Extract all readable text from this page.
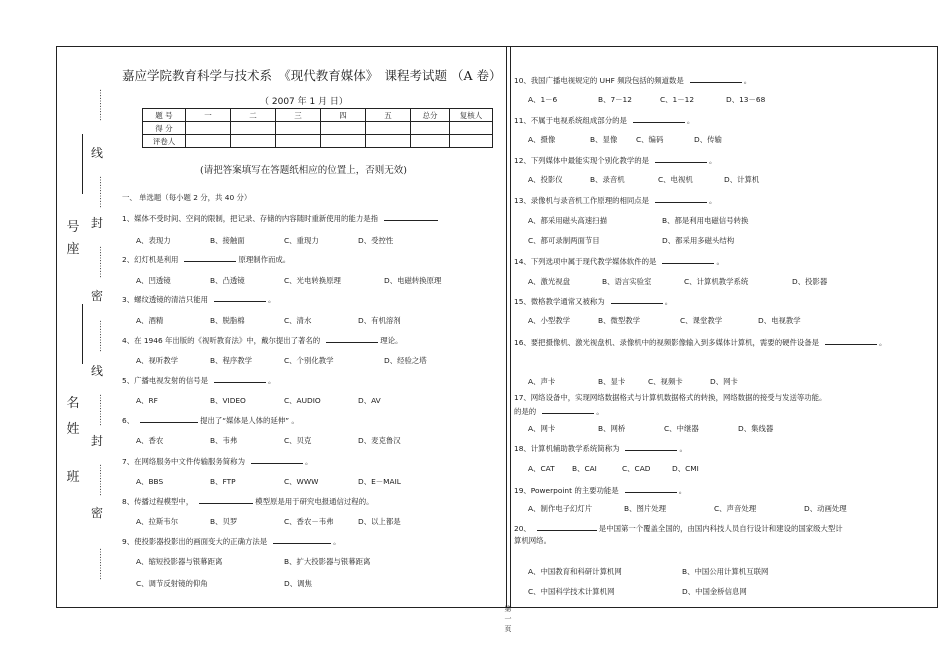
…………
…………
…………
…………
…………
…………
…………
线
封
密
线
封
密
号
座
名
姓
班
嘉应学院教育科学与技术系　《现代教育媒体》　课程考试题 （A 卷）
（ 2007 年 1 月 日）
题 号	一	二	三	四	五	总分	复核人
得 分							
评卷人							
(请把答案填写在答题纸相应的位置上，否则无效)
一、 单选题（每小题 2 分，共 40 分）
1、媒体不受时间、空间的限制，把记录、存储的内容随时重新使用的能力是指
A、表现力	B、接触面	C、重现力	D、受控性
2、幻灯机是利用	原理制作而成。
A、凹透镜	B、凸透镜	C、光电转换原理	D、电磁转换原理
3、螺纹透镜的清洁只能用	。
A、酒精	B、脱脂棉	C、清水	D、有机溶剂
4、在 1946 年出版的《视听教育法》中，戴尔提出了著名的	理论。
A、视听教学	B、程序教学	C、个别化教学	D、经验之塔
5、广播电视发射的信号是	。
A、RF	B、VIDEO	C、AUDIO	D、AV
6、	提出了“媒体是人体的延伸” 。
A、香农	B、韦弗	C、贝克	D、麦克鲁汉
7、在网络服务中文件传输服务简称为	。
A、BBS	B、FTP	C、WWW	D、E－MAIL
8、传播过程模型中，	模型原是用于研究电报通信过程的。
A、拉斯韦尔	B、贝罗	C、香农－韦弗	D、以上都是
9、使投影器投影出的画面变大的正确方法是	。
A、缩短投影器与银幕距离	B、扩大投影器与银幕距离
C、调节反射镜的仰角	D、调焦
10、我国广播电视规定的 UHF 频段包括的频道数是	。
A、1－6	B、7－12	C、1－12	D、13－68
11、不属于电视系统组成部分的是	。
A、摄像	B、显像	C、编码	D、传输
12、下列媒体中最能实现个别化教学的是	。
A、投影仪	B、录音机	C、电视机	D、计算机
13、录像机与录音机工作原理的相同点是	。
A、都采用磁头高速扫描	B、都是利用电磁信号转换
C、都可录制两面节目	D、都采用多磁头结构
14、下列选项中属于现代教学媒体软件的是	。
A、激光视盘	B、语言实验室	C、计算机教学系统	D、投影器
15、微格教学通常又被称为	。
A、小型教学	B、微型教学	C、课堂教学	D、电视教学
16、要把摄像机、激光视盘机、录像机中的视频影像输入到多媒体计算机，需要的硬件设备是	。
A、声卡	B、显卡	C、视频卡	D、网卡
17、网络设备中，实现网络数据格式与计算机数据格式的转换，网络数据的接受与发送等功能。
的是的	。
A、网卡	B、网桥	C、中继器	D、集线器
18、计算机辅助教学系统简称为	。
A、CAT B、CAI	C、CAD	D、CMI
19、Powerpoint 的主要功能是	。
A、制作电子幻灯片	B、图片处理	C、声音处理	D、动画处理
20、	是中国第一个覆盖全国的，由国内科技人员自行设计和建设的国家级大型计
算机网络。
A、中国教育和科研计算机网	B、中国公用计算机互联网
C、中国科学技术计算机网	D、中国金桥信息网
第
一
页
